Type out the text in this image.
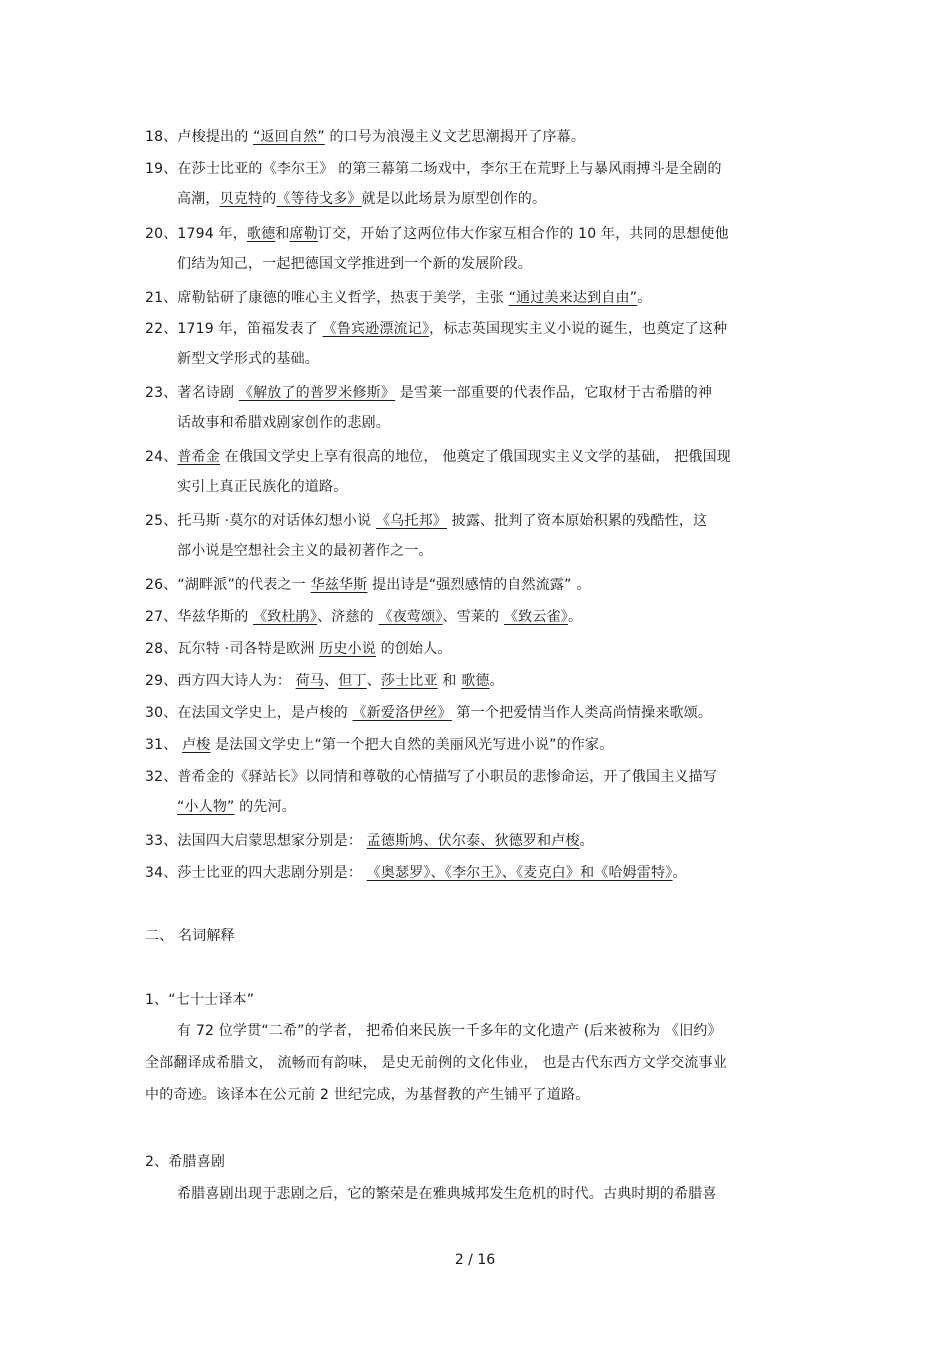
18、卢梭提出的 “返回自然” 的口号为浪漫主义文艺思潮揭开了序幕。
19、在莎士比亚的《李尔王》 的第三幕第二场戏中，李尔王在荒野上与暴风雨搏斗是全剧的
高潮，贝克特的《等待戈多》就是以此场景为原型创作的。
20、1794 年，歌德和席勒订交，开始了这两位伟大作家互相合作的 10 年，共同的思想使他
们结为知己，一起把德国文学推进到一个新的发展阶段。
21、席勒钻研了康德的唯心主义哲学，热衷于美学，主张 “通过美来达到自由”。
22、1719 年，笛福发表了 《鲁宾逊漂流记》，标志英国现实主义小说的诞生，也奠定了这种
新型文学形式的基础。
23、著名诗剧 《解放了的普罗米修斯》 是雪莱一部重要的代表作品，它取材于古希腊的神
话故事和希腊戏剧家创作的悲剧。
24、普希金 在俄国文学史上享有很高的地位， 他奠定了俄国现实主义文学的基础， 把俄国现
实引上真正民族化的道路。
25、托马斯 ·莫尔的对话体幻想小说 《乌托邦》 披露、批判了资本原始积累的残酷性，这
部小说是空想社会主义的最初著作之一。
26、“湖畔派”的代表之一 华兹华斯 提出诗是“强烈感情的自然流露” 。
27、华兹华斯的 《致杜鹃》、济慈的 《夜莺颂》、雪莱的 《致云雀》。
28、瓦尔特 ·司各特是欧洲 历史小说 的创始人。
29、西方四大诗人为： 荷马、但丁、莎士比亚 和 歌德。
30、在法国文学史上，是卢梭的 《新爱洛伊丝》 第一个把爱情当作人类高尚情操来歌颂。
31、 卢梭 是法国文学史上“第一个把大自然的美丽风光写进小说”的作家。
32、普希金的《驿站长》以同情和尊敬的心情描写了小职员的悲惨命运，开了俄国主义描写
“小人物” 的先河。
33、法国四大启蒙思想家分别是： 孟德斯鸠、伏尔泰、狄德罗和卢梭。
34、莎士比亚的四大悲剧分别是： 《奥瑟罗》、《李尔王》、《麦克白》和《哈姆雷特》。
二、 名词解释
1、“七十士译本”
有 72 位学贯“二希”的学者， 把希伯来民族一千多年的文化遗产 (后来被称为 《旧约》
全部翻译成希腊文， 流畅而有韵味， 是史无前例的文化伟业， 也是古代东西方文学交流事业
中的奇迹。该译本在公元前 2 世纪完成，为基督教的产生铺平了道路。
2、希腊喜剧
希腊喜剧出现于悲剧之后，它的繁荣是在雅典城邦发生危机的时代。古典时期的希腊喜
2 / 16
